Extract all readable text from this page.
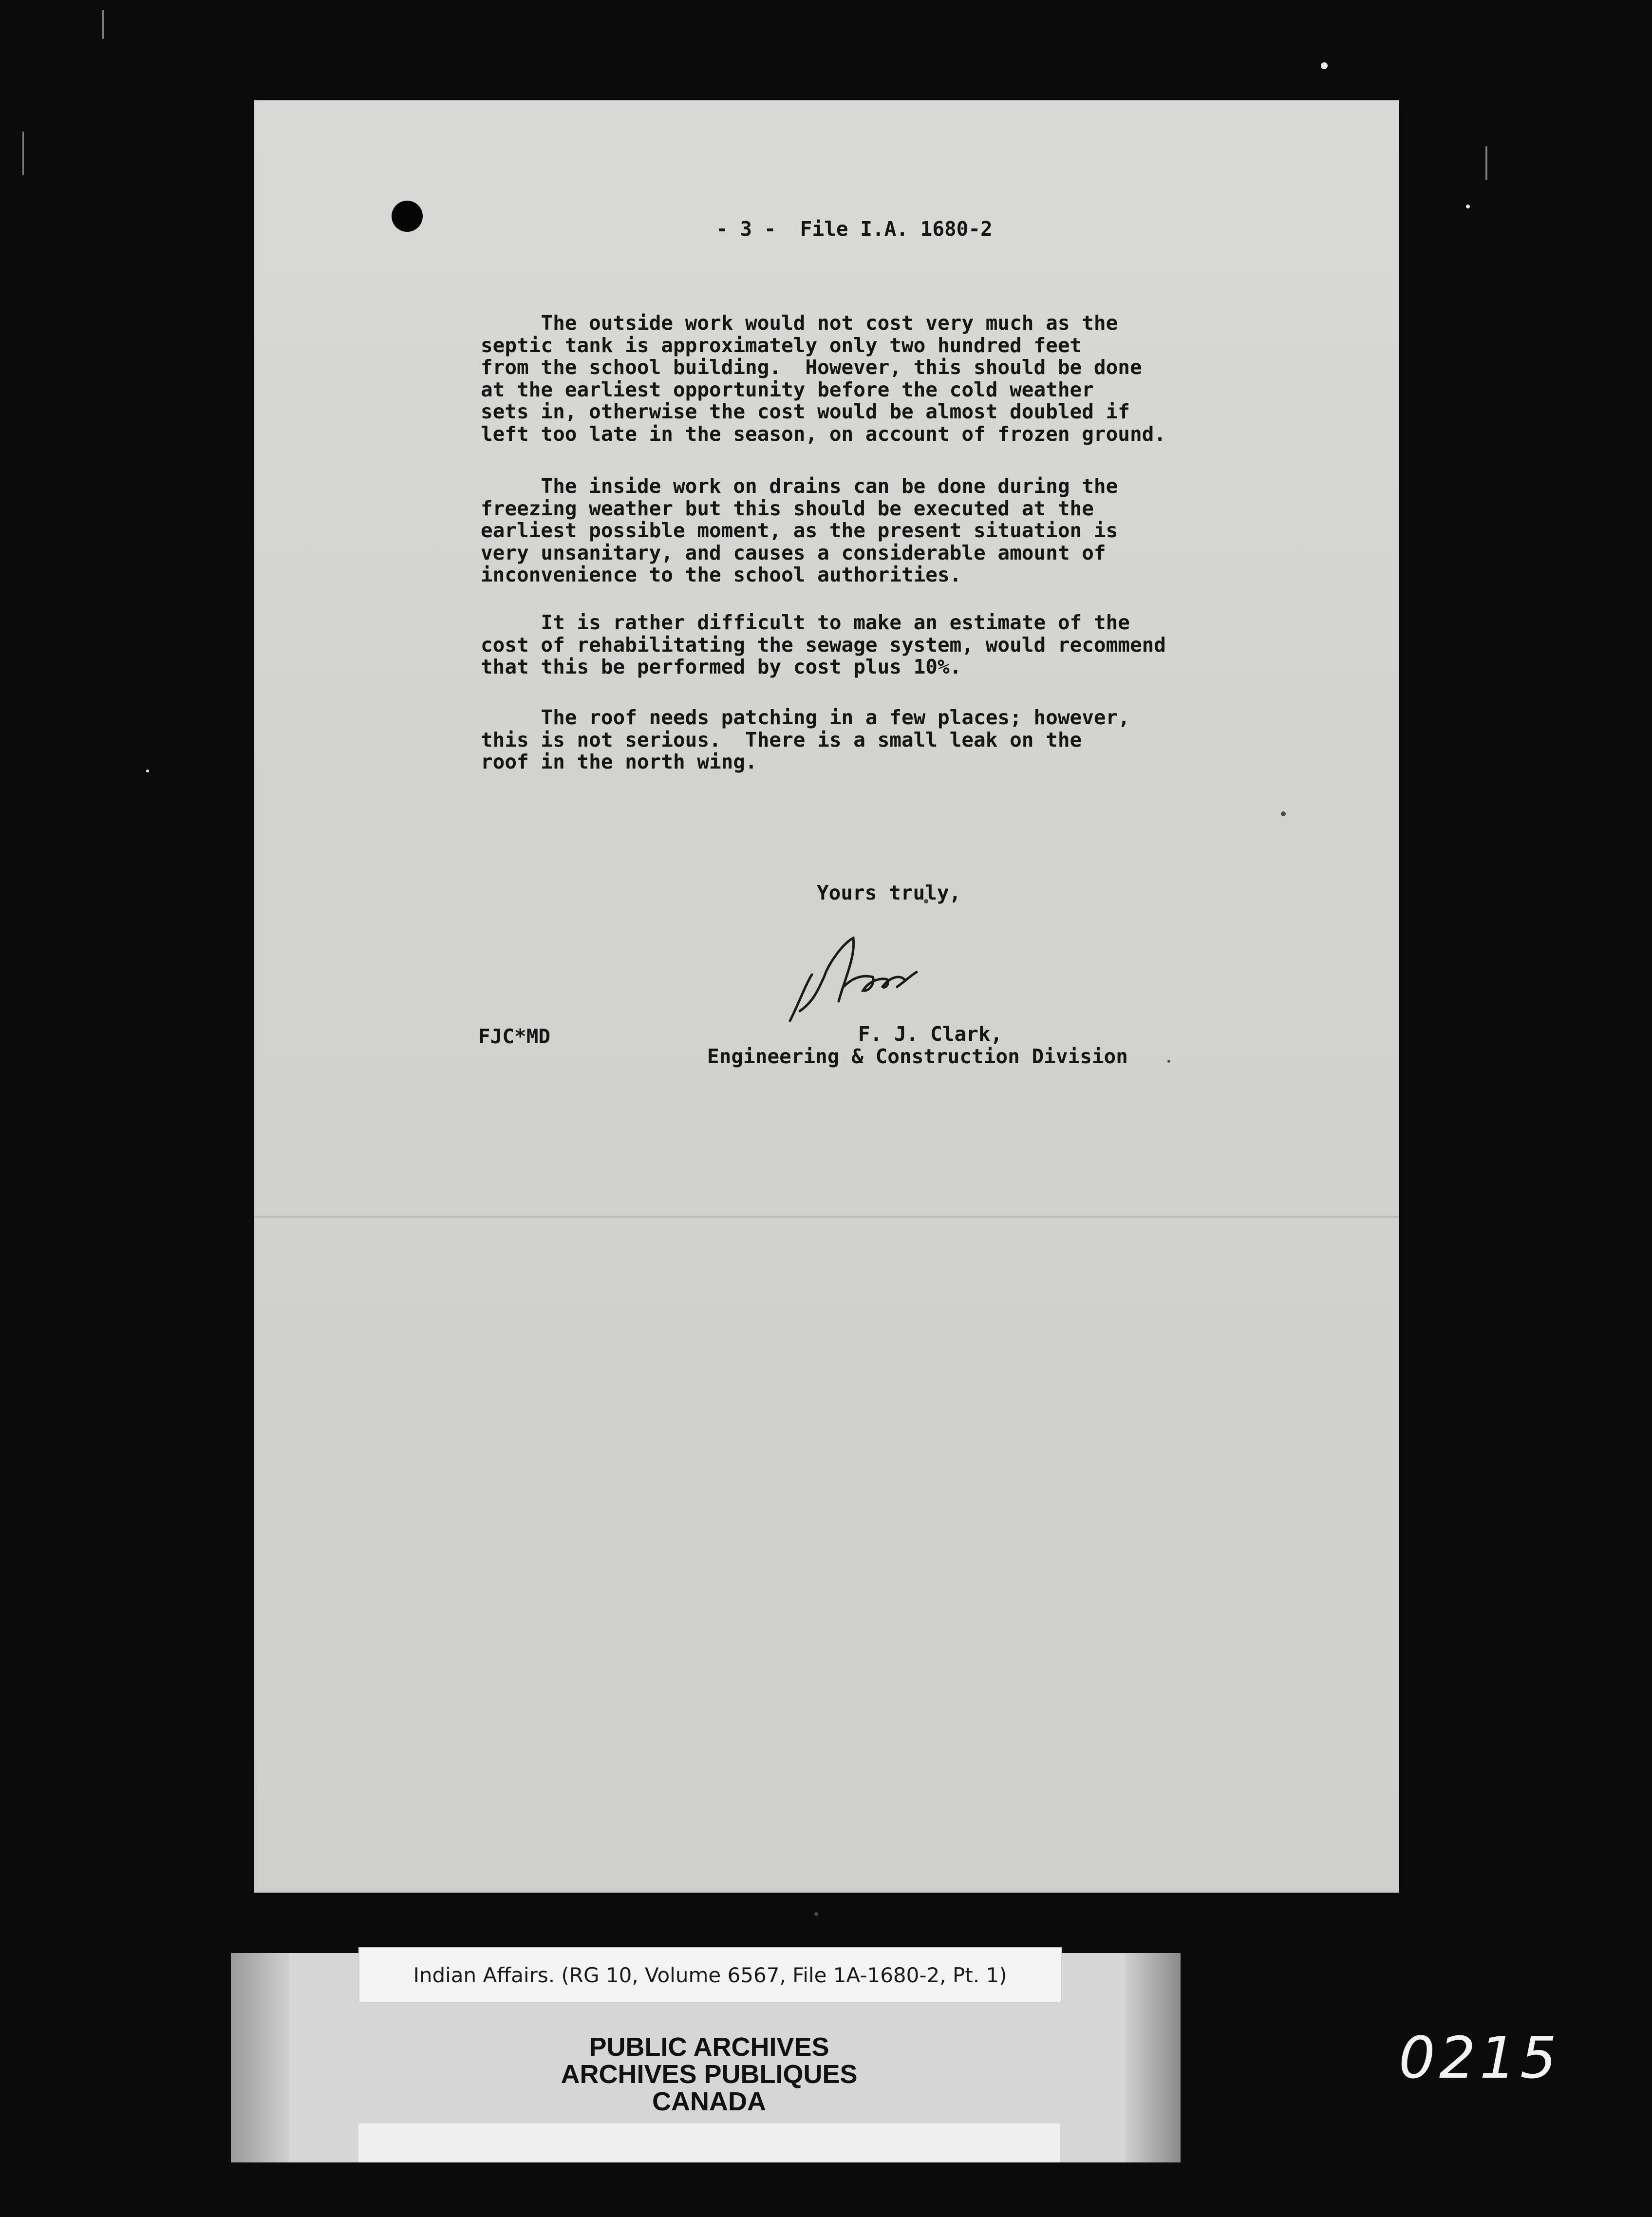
- 3 -  File I.A. 1680-2
The outside work would not cost very much as the
septic tank is approximately only two hundred feet
from the school building.  However, this should be done
at the earliest opportunity before the cold weather
sets in, otherwise the cost would be almost doubled if
left too late in the season, on account of frozen ground.
The inside work on drains can be done during the
freezing weather but this should be executed at the
earliest possible moment, as the present situation is
very unsanitary, and causes a considerable amount of
inconvenience to the school authorities.
It is rather difficult to make an estimate of the
cost of rehabilitating the sewage system, would recommend
that this be performed by cost plus 10%.
The roof needs patching in a few places; however,
this is not serious.  There is a small leak on the
roof in the north wing.
Yours truly,
FJC*MD	F. J. Clark,
Engineering & Construction Division
Indian Affairs. (RG 10, Volume 6567, File 1A-1680-2, Pt. 1)
PUBLIC ARCHIVES
ARCHIVES PUBLIQUES
CANADA
0215
